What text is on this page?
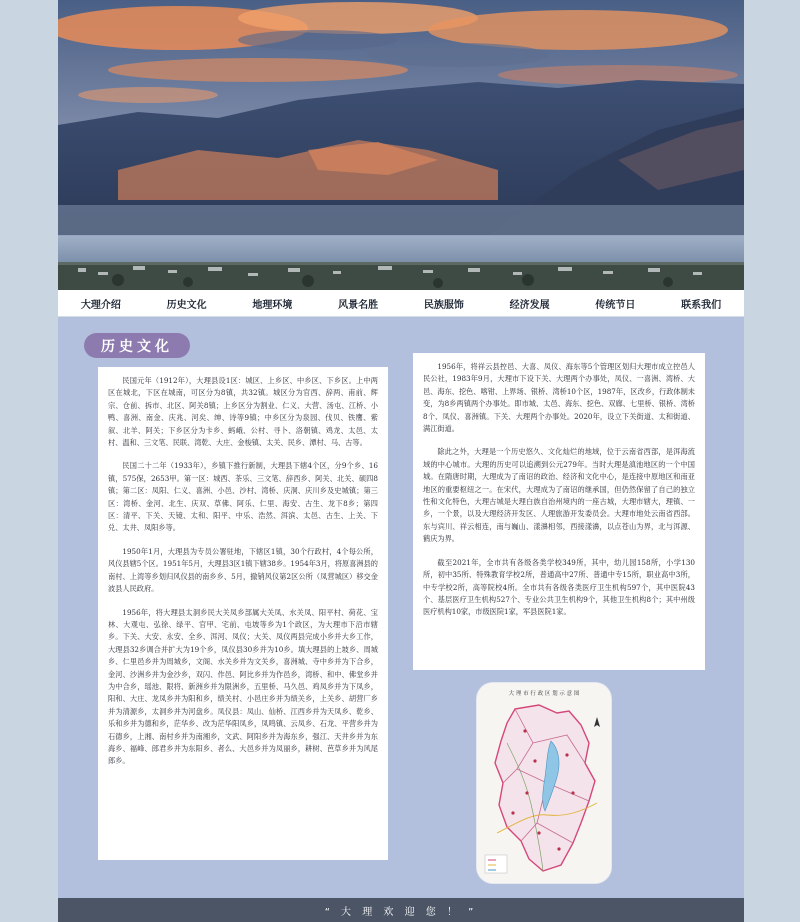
大理介绍	历史文化	地理环境	风景名胜	民族服饰	经济发展	传统节日	联系我们
历史文化

民国元年（1912年），大理县设1区：城区、上乡区、中乡区、下乡区。上中两区在城北，下区在城南，可区分为8镇，共32镇。城区分为官西、辞两、甫前、辉宗、仓前、拆市、北区、阿关8镇；上乡区分为割业、仁义、大营、汤屯、江桥、小鸭、喜洲、南金、庆兆、河矣、绅、诗等9镇；中乡区分为泉园、伐贝、铁鹰、紫叙、北羊、阿关；下乡区分为卡乡、蚂峨、公村、寻卜、洛朝镇、鸡龙、太邑、太村、温和、三文笔、民联、湾乾、大庄、金梭镇、太关、民乡、潭村、马、古等。

民国二十二年（1933年），乡镇下推行新制，大理县下辖4个区，分9个乡、16镇，575保，2653甲。第一区：城西、茶乐、三文笔、辞西乡、阿关、北关、硕四8镇；第二区：凤阳、仁义、喜洲、小邑、沙村、湾桥、庆洞、庆川乡及史城镇；第三区：湾桥、金河、北生、庆双、草佛、阿乐、仁里、海安、古生、龙下8乡；第四区：清平、下关、天镜、太和、阳平、中乐、浩然、洱滨、太邑、古生、上关、下兑、太井、凤阳乡等。

1950年1月，大理县为专员公署驻地，下辖区1镇，30个行政村，4个每公所，风仪县辖5个区。1951年5月，大理县3区1镇下辖38乡。1954年3月，将原喜洲县的南村、上湾等乡划归风仪县的南乡乡、5月，撤销风仪第2区公所（凤营城区）移交金波县人民政府。

1956年，将大理县太洞乡民大关凤乡部属大关凤、水关凤、阳平村、荷花、宝林、大观屯、弘徐、绿平、官甲、宅前、屯坡等乡为1个政区，为大理市下沿市辖乡。下关、大安、永安、全乡、洱河、凤仪；大关、凤仪两县完成小乡并大乡工作，大理县32乡调合并扩大为19个乡，凤仪县30乡并为10乡。填大理县的上坡乡、周城乡、仁里邑乡并为周城乡，文阁、水关乡并为文关乡，喜洲城、寺中乡并为下合乡，金河、沙洲乡并为金沙乡，双闪、作邑、阿比乡并为作邑乡，湾桥、和中、佛堂乡并为中合乡，瑶池、限将、新洲乡并为限洲乡，五里桥、马久邑、鸡凤乡并为下凤乡，阳和、大庄、龙凤乡并为阳和乡，绩关村、小邑庄乡并为绩关乡，上关乡、胡营厂乡并为清源乡，太洞乡并为河盘乡。凤仪县：凤山、仙桥、江西乡并为天凤乡、乾乡、乐和乡并为德和乡，茫华乡、改为茫华阳凤乡，凤鸣镇、云凤乡、石龙、平营乡并为石德乡，上湘、南村乡并为南湘乡，文武、阿阳乡并为海东乡，强江、天井乡并为东海乡、福峰、郎君乡并为东阳乡、者么、大邑乡并为凤丽乡，耕树、芭草乡并为风尾郎乡。

1956年，将祥云县控邑、大喜、凤仪、海东等5个管理区划归大理市成立控邑人民公社，1983年9月，大理市下设下关、大理两个办事处，凤仪、一喜洲、湾桥、大邑、海东、挖色、喀钳、上界场、银桥、湾桥10个区，1987年，区改乡，行政体制未变，为8乡两镇两个办事处。即市城、太邑、海东、挖色、双廊、七里桥、银桥、湾桥8个、凤仪、喜洲镇。下关、大理两个办事处。2020年，设立下关街道、太和街道、满江街道。

除此之外，大理是一个历史悠久、文化灿烂的地域，位于云南省西部，是洱海流域的中心城市。大理的历史可以追溯到公元279年。当时大理是滇池地区的一个中国城。在隋唐时期，大理成为了南诏的政治、经济和文化中心，是连接中原地区和南亚地区的重要枢纽之一。在宋代，大理成为了南诏的继承国，但仍然保留了自己的独立性和文化特色，大理古城是大理白族自治州境内的一座古城，大理市辖大，理镇、一乡，一个景，以及大理经济开发区、人理旅游开发委员会。大理市地处云南省西部。东与宾川、祥云相连，南与巍山、漾濞相邻，西接漾濞，以点苍山为界，北与洱源、鹤庆为界。

截至2021年，全市共有各级各类学校349所，其中，幼儿园158所，小学130所，初中35所、特殊教育学校2所，普通高中27所、普通中专15所，职业高中3所，中专学校2所，高等院校4所。全市共有各级各类医疗卫生机构597个，其中医院43个、基层医疗卫生机构527个、专业公共卫生机构9个，其他卫生机构8个；其中州级医疗机构10家，市级医院1家，军县医院1家。

大 理 市 行 政 区 划 示 意 图
“ 大 理 欢 迎 您 ！ ”
